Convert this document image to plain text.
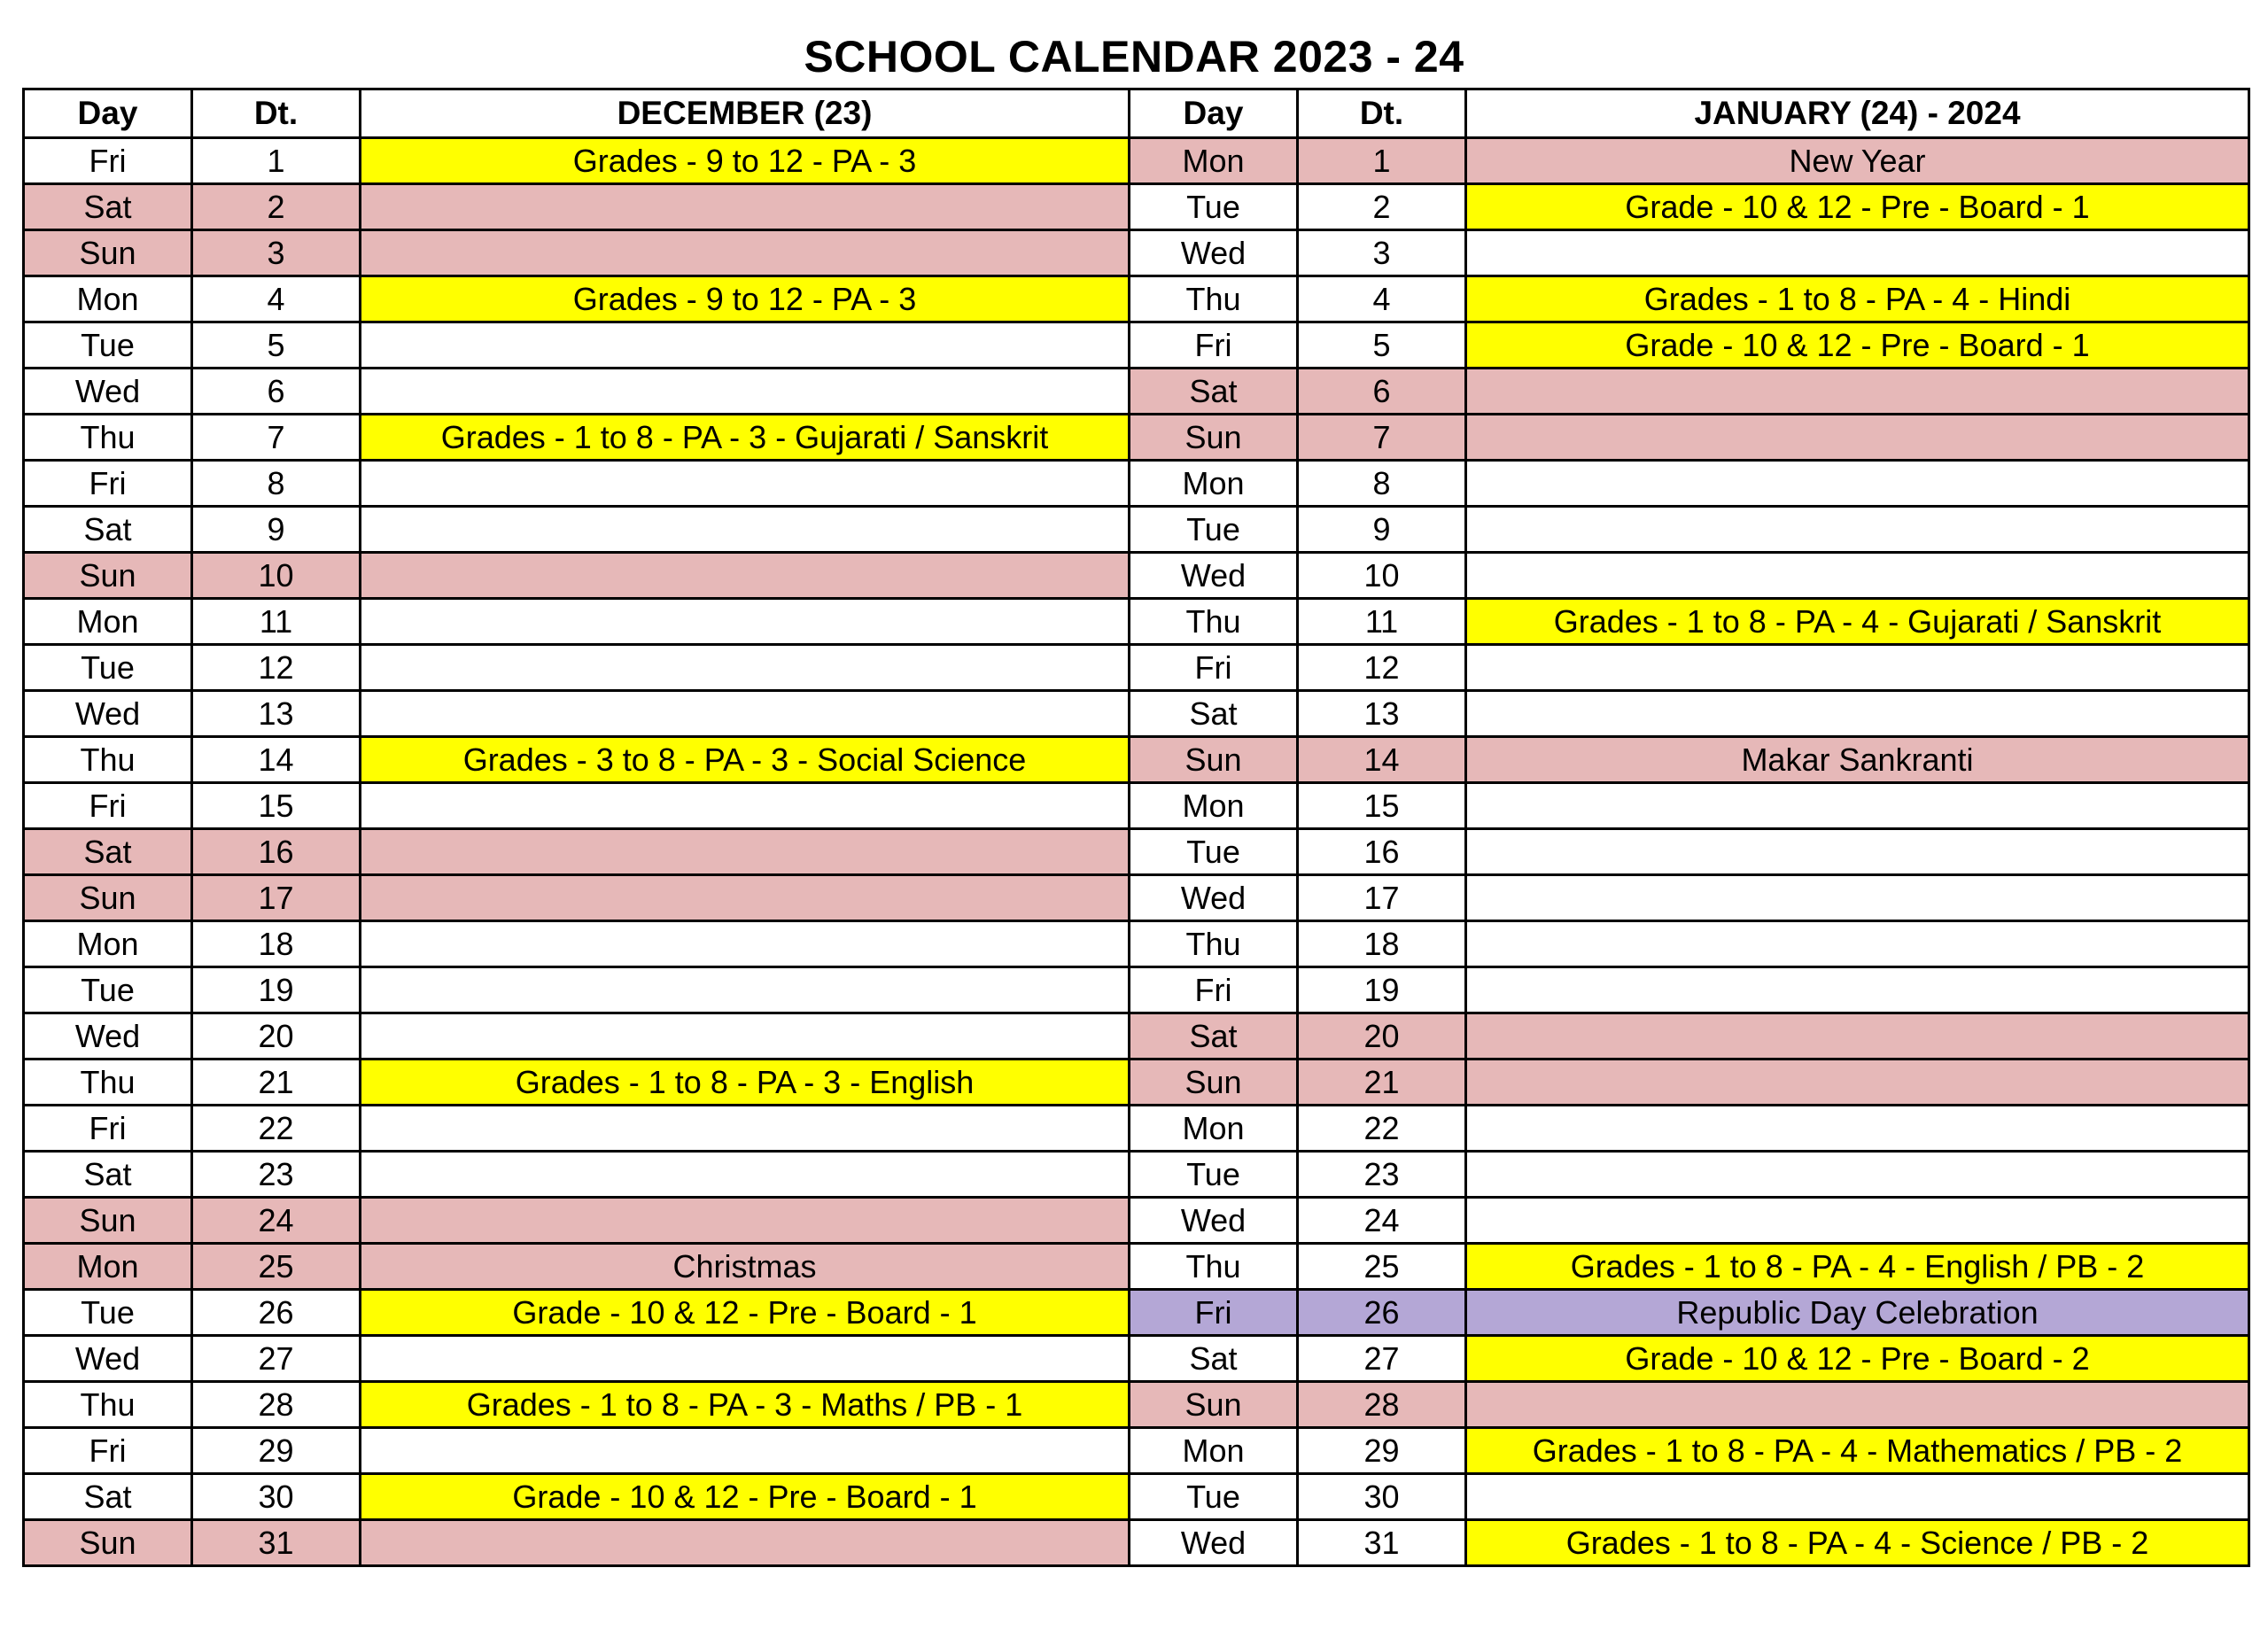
SCHOOL CALENDAR 2023 - 24
Day	Dt.	DECEMBER (23)	Day	Dt.	JANUARY (24) - 2024
Fri	1	Grades - 9 to 12 - PA - 3	Mon	1	New Year
Sat	2		Tue	2	Grade - 10 & 12 - Pre - Board - 1
Sun	3		Wed	3	
Mon	4	Grades - 9 to 12 - PA - 3	Thu	4	Grades - 1 to 8 - PA - 4 - Hindi
Tue	5		Fri	5	Grade - 10 & 12 - Pre - Board - 1
Wed	6		Sat	6	
Thu	7	Grades - 1 to 8 - PA - 3 - Gujarati / Sanskrit	Sun	7	
Fri	8		Mon	8	
Sat	9		Tue	9	
Sun	10		Wed	10	
Mon	11		Thu	11	Grades - 1 to 8 - PA - 4 - Gujarati / Sanskrit
Tue	12		Fri	12	
Wed	13		Sat	13	
Thu	14	Grades - 3 to 8 - PA - 3 - Social Science	Sun	14	Makar Sankranti
Fri	15		Mon	15	
Sat	16		Tue	16	
Sun	17		Wed	17	
Mon	18		Thu	18	
Tue	19		Fri	19	
Wed	20		Sat	20	
Thu	21	Grades - 1 to 8 - PA - 3 - English	Sun	21	
Fri	22		Mon	22	
Sat	23		Tue	23	
Sun	24		Wed	24	
Mon	25	Christmas	Thu	25	Grades - 1 to 8 - PA - 4 - English / PB - 2
Tue	26	Grade - 10 & 12 - Pre - Board - 1	Fri	26	Republic Day Celebration
Wed	27		Sat	27	Grade - 10 & 12 - Pre - Board - 2
Thu	28	Grades - 1 to 8 - PA - 3 - Maths / PB - 1	Sun	28	
Fri	29		Mon	29	Grades - 1 to 8 - PA - 4 - Mathematics / PB - 2
Sat	30	Grade - 10 & 12 - Pre - Board - 1	Tue	30	
Sun	31		Wed	31	Grades - 1 to 8 - PA - 4 - Science / PB - 2
